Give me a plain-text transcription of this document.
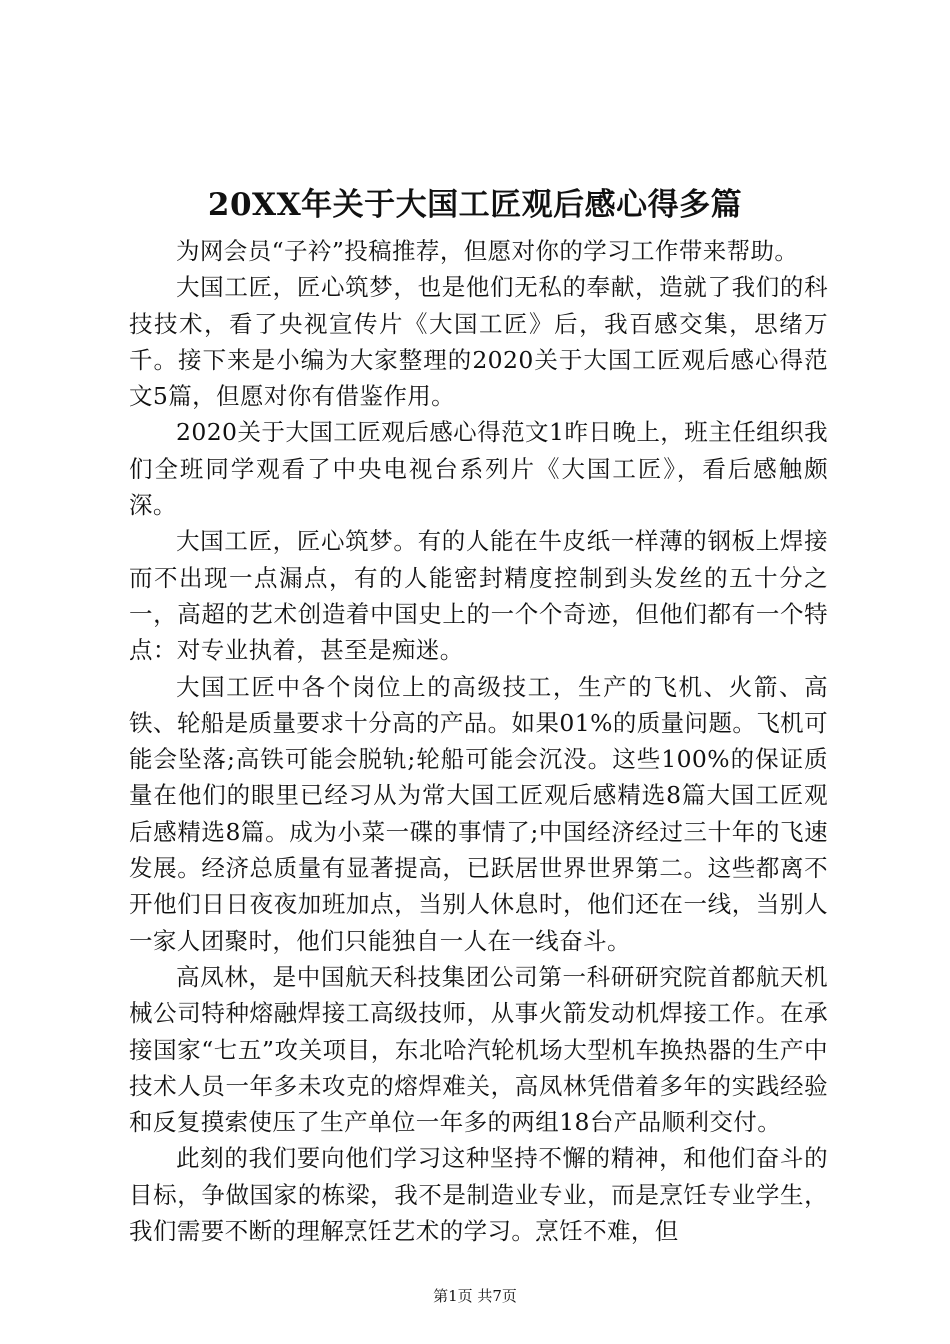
20XX年关于大国工匠观后感心得多篇

为网会员“子衿”投稿推荐，但愿对你的学习工作带来帮助。

大国工匠，匠心筑梦，也是他们无私的奉献，造就了我们的科技技术，看了央视宣传片《大国工匠》后，我百感交集，思绪万千。接下来是小编为大家整理的2020关于大国工匠观后感心得范文5篇，但愿对你有借鉴作用。

2020关于大国工匠观后感心得范文1昨日晚上，班主任组织我们全班同学观看了中央电视台系列片《大国工匠》，看后感触颇深。

大国工匠，匠心筑梦。有的人能在牛皮纸一样薄的钢板上焊接而不出现一点漏点，有的人能密封精度控制到头发丝的五十分之一，高超的艺术创造着中国史上的一个个奇迹，但他们都有一个特点：对专业执着，甚至是痴迷。

大国工匠中各个岗位上的高级技工，生产的飞机、火箭、高铁、轮船是质量要求十分高的产品。如果01%的质量问题。飞机可能会坠落;高铁可能会脱轨;轮船可能会沉没。这些100%的保证质量在他们的眼里已经习从为常大国工匠观后感精选8篇大国工匠观后感精选8篇。成为小菜一碟的事情了;中国经济经过三十年的飞速发展。经济总质量有显著提高，已跃居世界世界第二。这些都离不开他们日日夜夜加班加点，当别人休息时，他们还在一线，当别人一家人团聚时，他们只能独自一人在一线奋斗。

高凤林，是中国航天科技集团公司第一科研研究院首都航天机械公司特种熔融焊接工高级技师，从事火箭发动机焊接工作。在承接国家“七五”攻关项目，东北哈汽轮机场大型机车换热器的生产中技术人员一年多未攻克的熔焊难关，高凤林凭借着多年的实践经验和反复摸索使压了生产单位一年多的两组18台产品顺利交付。

此刻的我们要向他们学习这种坚持不懈的精神，和他们奋斗的目标，争做国家的栋梁，我不是制造业专业，而是烹饪专业学生，我们需要不断的理解烹饪艺术的学习。烹饪不难，但

第1页 共7页
